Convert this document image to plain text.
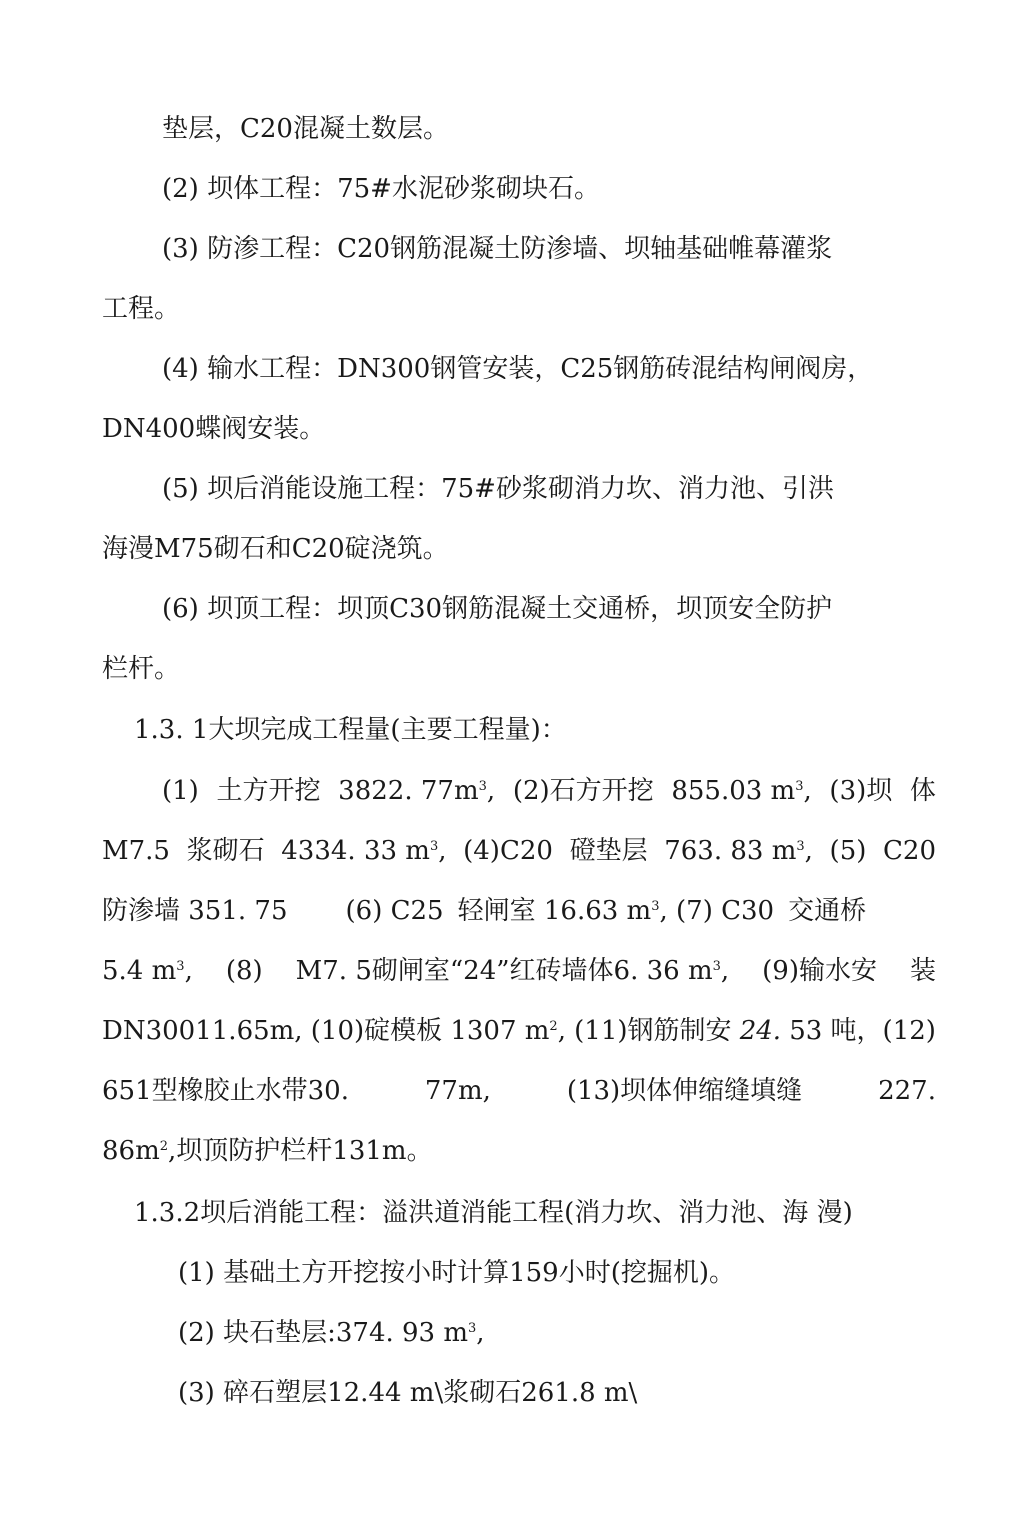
垫层，C20混凝土数层。
(2) 坝体工程：75#水泥砂浆砌块石。
(3) 防渗工程：C20钢筋混凝土防渗墙、坝轴基础帷幕灌浆
工程。
(4) 输水工程：DN300钢管安装，C25钢筋砖混结构闸阀房，
DN400蝶阀安装。
(5) 坝后消能设施工程：75#砂浆砌消力坎、消力池、引洪
海漫M75砌石和C20碇浇筑。
(6) 坝顶工程：坝顶C30钢筋混凝土交通桥，坝顶安全防护
栏杆。
1.3. 1大坝完成工程量(主要工程量)：
(1) 土方开挖 3822. $77m^3$, (2)石方开挖 855.03 $m^3$, (3)坝 体
M7.5 浆砌石 4334. 33 $m^3$, (4)C20 磴垫层 763. 83 $m^3$, (5) C20
防渗墙 351. 75 (6) C25 轻闸室 16.63 $m^3$, (7) C30 交通桥
5.4 $m^3$, (8) M7. 5砌闸室“24”红砖墙体6. 36 $m^3$, (9)输水安 装
DN30011.65m, (10)碇模板 1307 $m^2$, (11)钢筋制安 24. 53 吨，(12)
651型橡胶止水带30.	77m,	(13)坝体伸缩缝填缝	227.
$86m^2$,坝顶防护栏杆131m。
1.3.2坝后消能工程：溢洪道消能工程(消力坎、消力池、海 漫)
(1) 基础土方开挖按小时计算159小时(挖掘机)。
(2) 块石垫层:374. 93 $m^3$,
(3) 碎石塑层12.44 m\浆砌石261.8 m\
